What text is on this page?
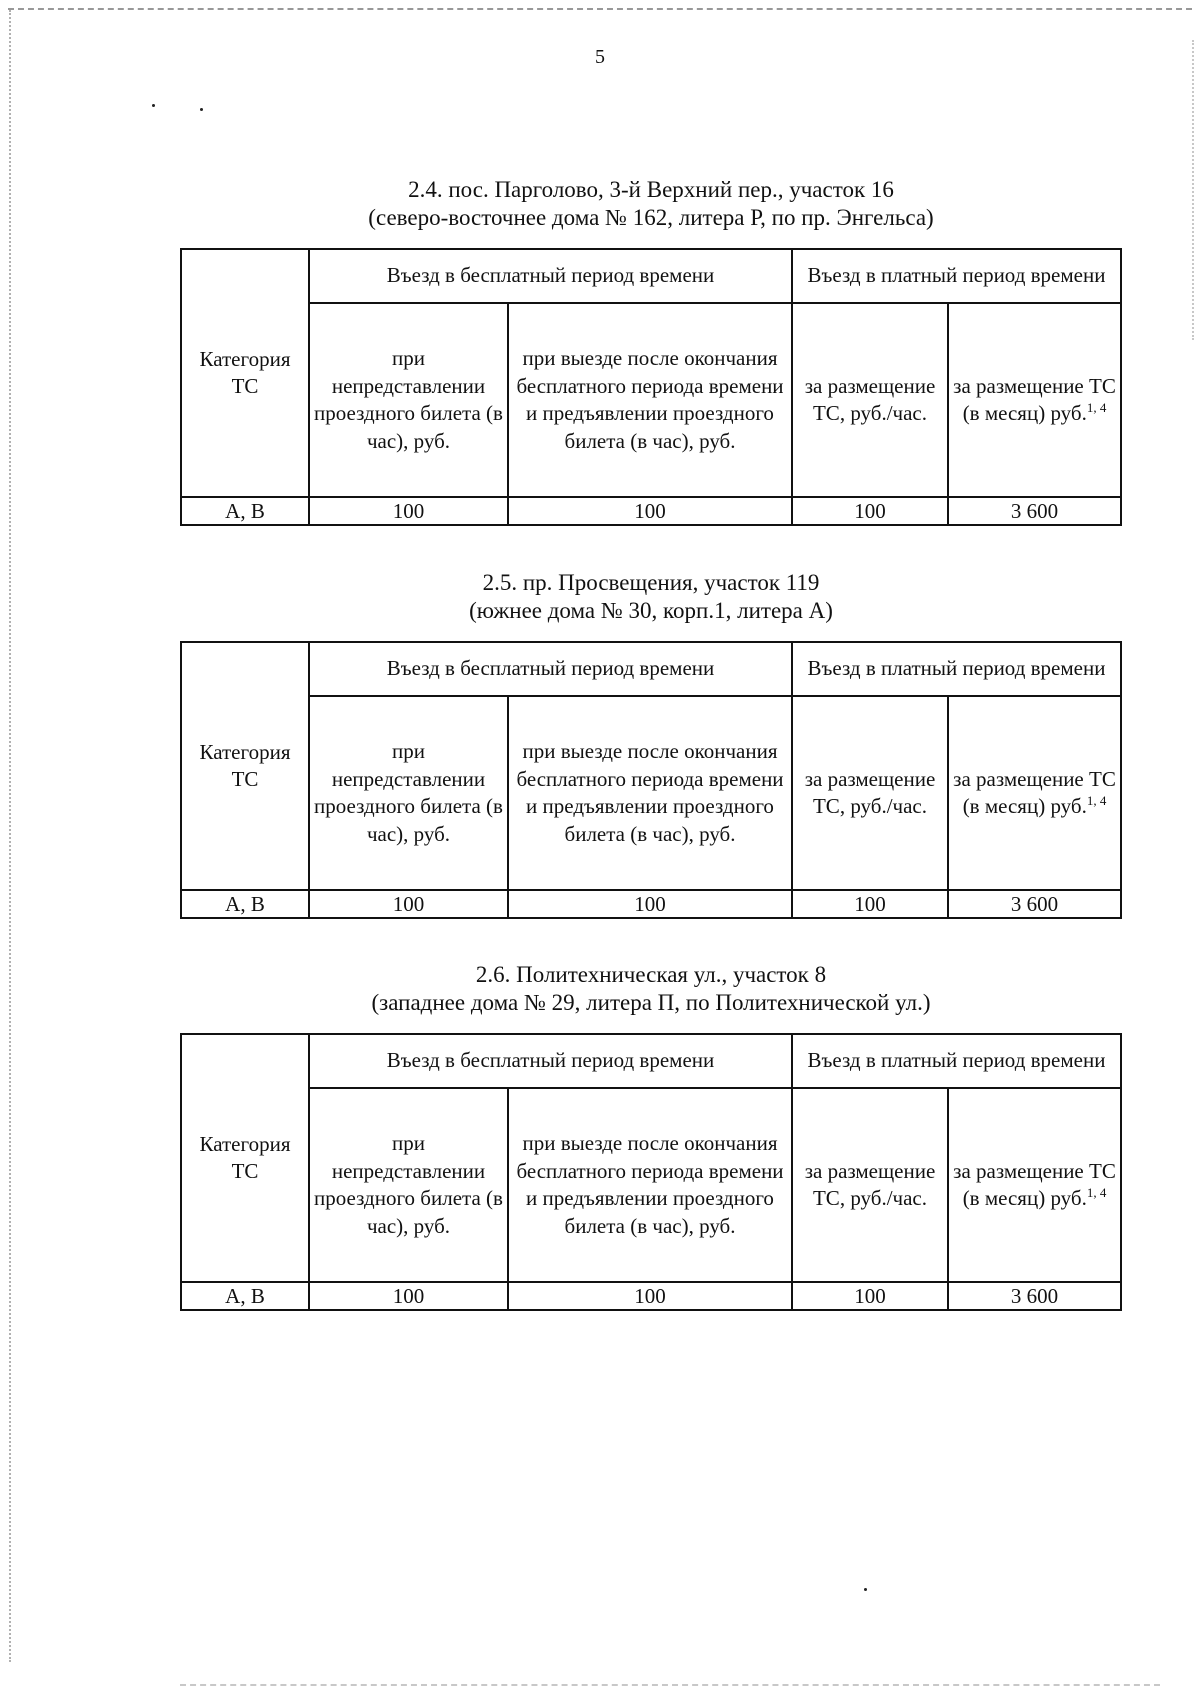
5
2.4. пос. Парголово, 3-й Верхний пер., участок 16
(северо-восточнее дома № 162, литера Р, по пр. Энгельса)
Категория ТС	Въезд в бесплатный период времени		Въезд в платный период времени	
	при непредставлении проездного билета (в час), руб.	при выезде после окончания бесплатного периода времени и предъявлении проездного билета (в час), руб.	за размещение ТС, руб./час.	за размещение ТС (в месяц) руб.$^{1, 4}$
А, В	100	100	100	3 600
2.5. пр. Просвещения, участок 119
(южнее дома № 30, корп.1, литера А)
Категория ТС	Въезд в бесплатный период времени		Въезд в платный период времени	
	при непредставлении проездного билета (в час), руб.	при выезде после окончания бесплатного периода времени и предъявлении проездного билета (в час), руб.	за размещение ТС, руб./час.	за размещение ТС (в месяц) руб.$^{1, 4}$
А, В	100	100	100	3 600
2.6. Политехническая ул., участок 8
(западнее дома № 29, литера П, по Политехнической ул.)
Категория ТС	Въезд в бесплатный период времени		Въезд в платный период времени	
	при непредставлении проездного билета (в час), руб.	при выезде после окончания бесплатного периода времени и предъявлении проездного билета (в час), руб.	за размещение ТС, руб./час.	за размещение ТС (в месяц) руб.$^{1, 4}$
А, В	100	100	100	3 600
